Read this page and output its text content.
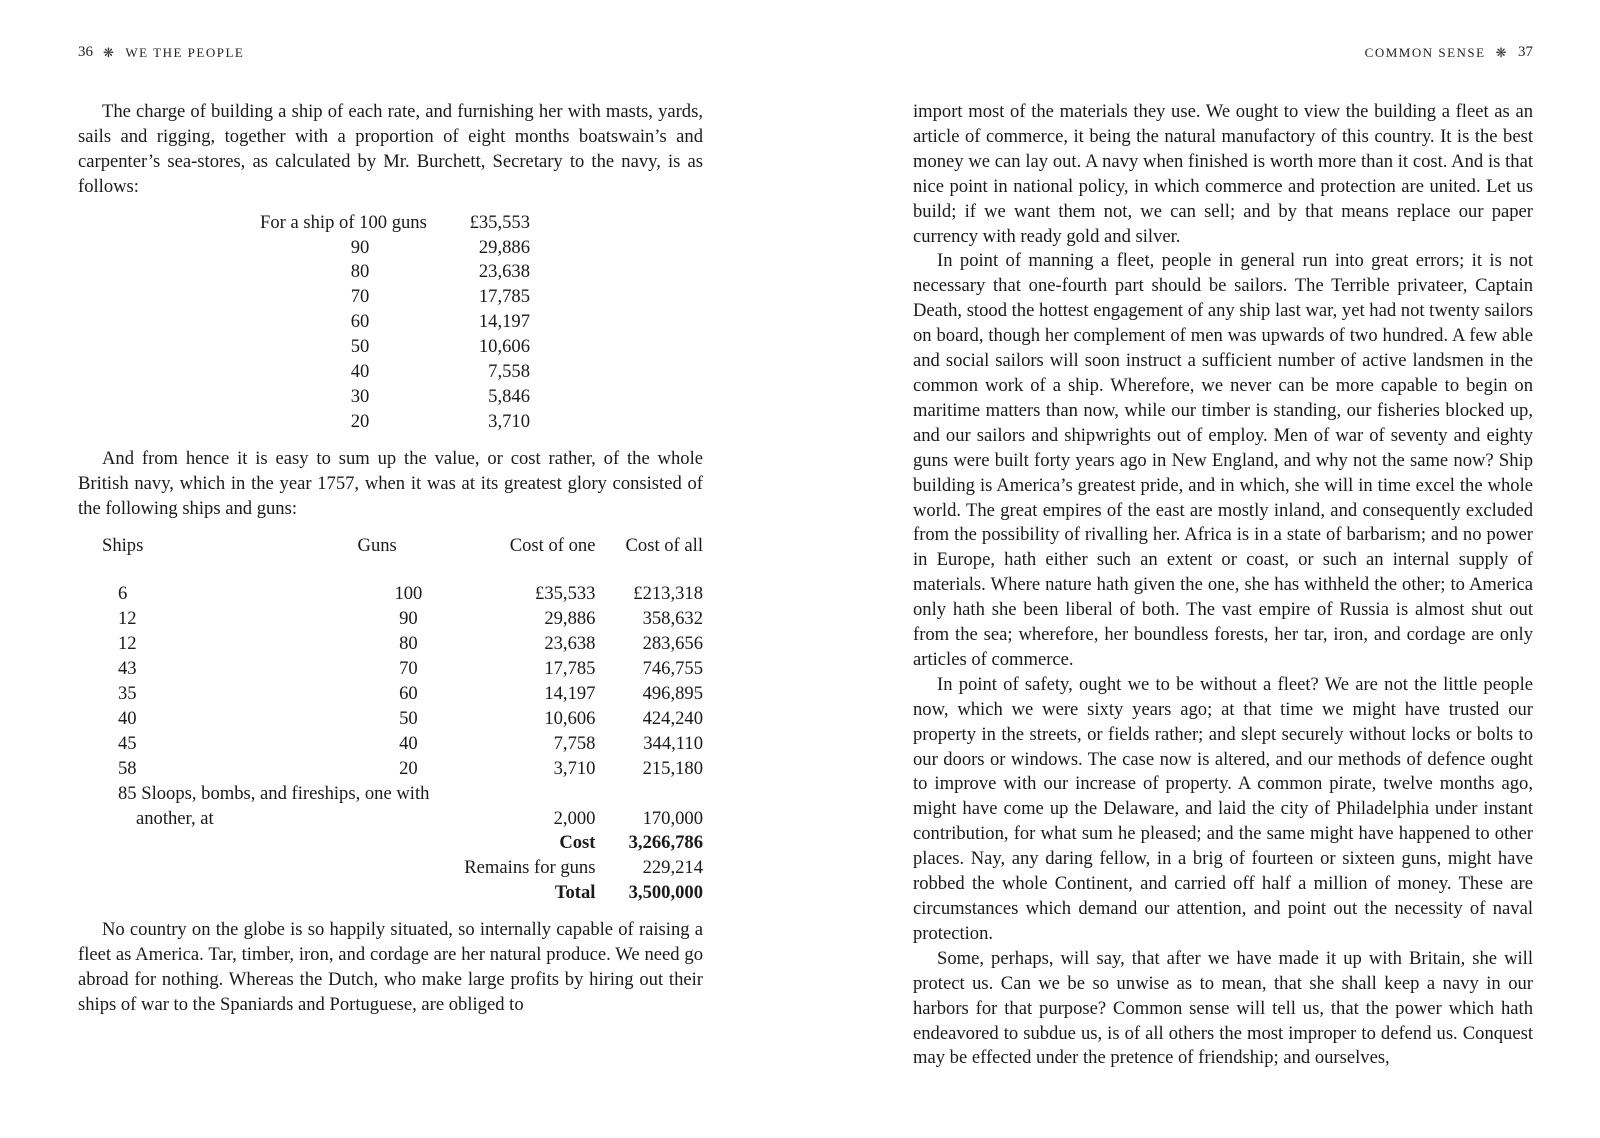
36 ❋ WE THE PEOPLE

The charge of building a ship of each rate, and furnishing her with masts, yards, sails and rigging, together with a proportion of eight months boatswain’s and carpenter’s sea-stores, as calculated by Mr. Burchett, Secretary to the navy, is as follows:

For a ship of 100 guns	£35,553
90	29,886
80	23,638
70	17,785
60	14,197
50	10,606
40	7,558
30	5,846
20	3,710

And from hence it is easy to sum up the value, or cost rather, of the whole British navy, which in the year 1757, when it was at its greatest glory consisted of the following ships and guns:

Ships	Guns	Cost of one	Cost of all
6	100	£35,533	£213,318
12	90	29,886	358,632
12	80	23,638	283,656
43	70	17,785	746,755
35	60	14,197	496,895
40	50	10,606	424,240
45	40	7,758	344,110
58	20	3,710	215,180
85 Sloops, bombs, and fireships, one with			
another, at		2,000	170,000
Cost			3,266,786
Remains for guns			229,214
Total			3,500,000

No country on the globe is so happily situated, so internally capable of raising a fleet as America. Tar, timber, iron, and cordage are her natural produce. We need go abroad for nothing. Whereas the Dutch, who make large profits by hiring out their ships of war to the Spaniards and Portuguese, are obliged to

COMMON SENSE ❋ 37

import most of the materials they use. We ought to view the building a fleet as an article of commerce, it being the natural manufactory of this country. It is the best money we can lay out. A navy when finished is worth more than it cost. And is that nice point in national policy, in which commerce and protection are united. Let us build; if we want them not, we can sell; and by that means replace our paper currency with ready gold and silver.

In point of manning a fleet, people in general run into great errors; it is not necessary that one-fourth part should be sailors. The Terrible privateer, Captain Death, stood the hottest engagement of any ship last war, yet had not twenty sailors on board, though her complement of men was upwards of two hundred. A few able and social sailors will soon instruct a sufficient number of active landsmen in the common work of a ship. Wherefore, we never can be more capable to begin on maritime matters than now, while our timber is standing, our fisheries blocked up, and our sailors and shipwrights out of employ. Men of war of seventy and eighty guns were built forty years ago in New England, and why not the same now? Ship building is America’s greatest pride, and in which, she will in time excel the whole world. The great empires of the east are mostly inland, and consequently excluded from the possibility of rivalling her. Africa is in a state of barbarism; and no power in Europe, hath either such an extent or coast, or such an internal supply of materials. Where nature hath given the one, she has withheld the other; to America only hath she been liberal of both. The vast empire of Russia is almost shut out from the sea; wherefore, her boundless forests, her tar, iron, and cordage are only articles of commerce.

In point of safety, ought we to be without a fleet? We are not the little people now, which we were sixty years ago; at that time we might have trusted our property in the streets, or fields rather; and slept securely without locks or bolts to our doors or windows. The case now is altered, and our methods of defence ought to improve with our increase of property. A common pirate, twelve months ago, might have come up the Delaware, and laid the city of Philadelphia under instant contribution, for what sum he pleased; and the same might have happened to other places. Nay, any daring fellow, in a brig of fourteen or sixteen guns, might have robbed the whole Continent, and carried off half a million of money. These are circumstances which demand our attention, and point out the necessity of naval protection.

Some, perhaps, will say, that after we have made it up with Britain, she will protect us. Can we be so unwise as to mean, that she shall keep a navy in our harbors for that purpose? Common sense will tell us, that the power which hath endeavored to subdue us, is of all others the most improper to defend us. Conquest may be effected under the pretence of friendship; and ourselves,
